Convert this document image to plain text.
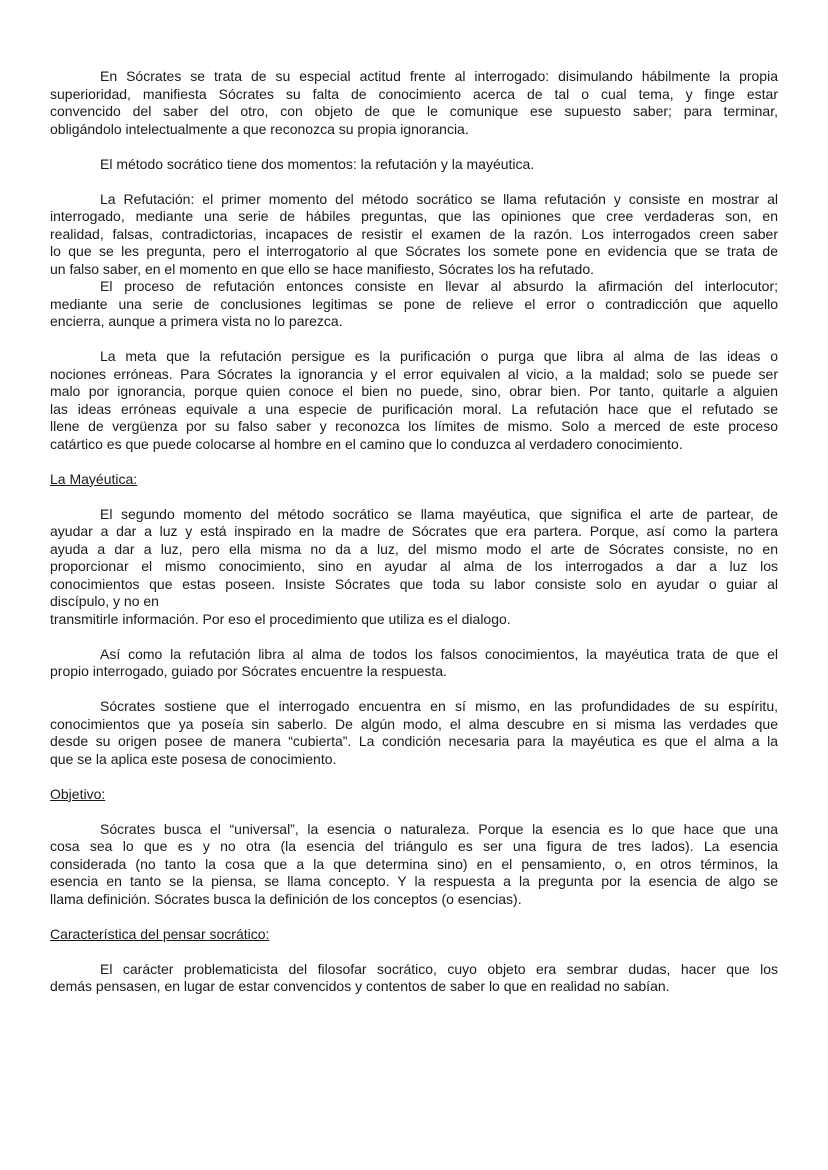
En Sócrates se trata de su especial actitud frente al interrogado: disimulando hábilmente la propia
superioridad, manifiesta Sócrates su falta de conocimiento acerca de tal o cual tema, y finge estar
convencido del saber del otro, con objeto de que le comunique ese supuesto saber; para terminar,
obligándolo intelectualmente a que reconozca su propia ignorancia.
El método socrático tiene dos momentos: la refutación y la mayéutica.
La Refutación: el primer momento del método socrático se llama refutación y consiste en mostrar al
interrogado, mediante una serie de hábiles preguntas, que las opiniones que cree verdaderas son, en
realidad, falsas, contradictorias, incapaces de resistir el examen de la razón. Los interrogados creen saber
lo que se les pregunta, pero el interrogatorio al que Sócrates los somete pone en evidencia que se trata de
un falso saber, en el momento en que ello se hace manifiesto, Sócrates los ha refutado.
El proceso de refutación entonces consiste en llevar al absurdo la afirmación del interlocutor;
mediante una serie de conclusiones legitimas se pone de relieve el error o contradicción que aquello
encierra, aunque a primera vista no lo parezca.
La meta que la refutación persigue es la purificación o purga que libra al alma de las ideas o
nociones erróneas. Para Sócrates la ignorancia y el error equivalen al vicio, a la maldad; solo se puede ser
malo por ignorancia, porque quien conoce el bien no puede, sino, obrar bien. Por tanto, quitarle a alguien
las ideas erróneas equivale a una especie de purificación moral. La refutación hace que el refutado se
llene de vergüenza por su falso saber y reconozca los límites de mismo. Solo a merced de este proceso
catártico es que puede colocarse al hombre en el camino que lo conduzca al verdadero conocimiento.
La Mayéutica:
El segundo momento del método socrático se llama mayéutica, que significa el arte de partear, de
ayudar a dar a luz y está inspirado en la madre de Sócrates que era partera. Porque, así como la partera
ayuda a dar a luz, pero ella misma no da a luz, del mismo modo el arte de Sócrates consiste, no en
proporcionar el mismo conocimiento, sino en ayudar al alma de los interrogados a dar a luz los
conocimientos que estas poseen. Insiste Sócrates que toda su labor consiste solo en ayudar o guiar al
discípulo, y no en
transmitirle información. Por eso el procedimiento que utiliza es el dialogo.
Así como la refutación libra al alma de todos los falsos conocimientos, la mayéutica trata de que el
propio interrogado, guiado por Sócrates encuentre la respuesta.
Sócrates sostiene que el interrogado encuentra en sí mismo, en las profundidades de su espíritu,
conocimientos que ya poseía sin saberlo. De algún modo, el alma descubre en si misma las verdades que
desde su origen posee de manera “cubierta”. La condición necesaria para la mayéutica es que el alma a la
que se la aplica este posesa de conocimiento.
Objetivo:
Sócrates busca el “universal”, la esencia o naturaleza. Porque la esencia es lo que hace que una
cosa sea lo que es y no otra (la esencia del triángulo es ser una figura de tres lados). La esencia
considerada (no tanto la cosa que a la que determina sino) en el pensamiento, o, en otros términos, la
esencia en tanto se la piensa, se llama concepto. Y la respuesta a la pregunta por la esencia de algo se
llama definición. Sócrates busca la definición de los conceptos (o esencias).
Característica del pensar socrático:
El carácter problematicista del filosofar socrático, cuyo objeto era sembrar dudas, hacer que los
demás pensasen, en lugar de estar convencidos y contentos de saber lo que en realidad no sabían.
